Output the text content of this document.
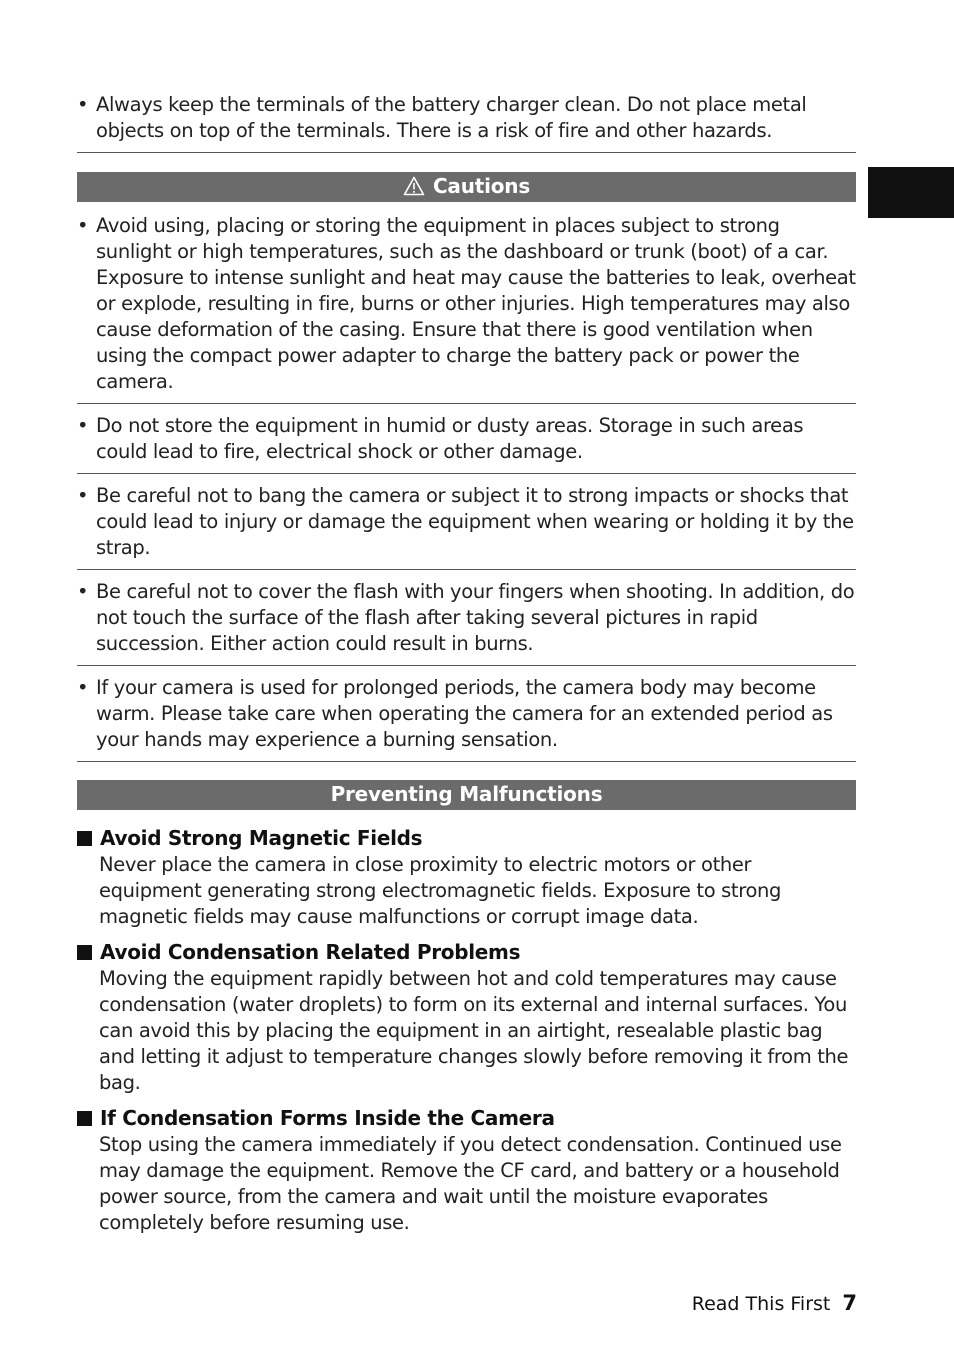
• Always keep the terminals of the battery charger clean. Do not place metal objects on top of the terminals. There is a risk of fire and other hazards.
Cautions
• Avoid using, placing or storing the equipment in places subject to strong sunlight or high temperatures, such as the dashboard or trunk (boot) of a car. Exposure to intense sunlight and heat may cause the batteries to leak, overheat or explode, resulting in fire, burns or other injuries. High temperatures may also cause deformation of the casing. Ensure that there is good ventilation when using the compact power adapter to charge the battery pack or power the camera.
• Do not store the equipment in humid or dusty areas. Storage in such areas could lead to fire, electrical shock or other damage.
• Be careful not to bang the camera or subject it to strong impacts or shocks that could lead to injury or damage the equipment when wearing or holding it by the strap.
• Be careful not to cover the flash with your fingers when shooting. In addition, do not touch the surface of the flash after taking several pictures in rapid succession. Either action could result in burns.
• If your camera is used for prolonged periods, the camera body may become warm. Please take care when operating the camera for an extended period as your hands may experience a burning sensation.
Preventing Malfunctions
Avoid Strong Magnetic Fields
Never place the camera in close proximity to electric motors or other equipment generating strong electromagnetic fields. Exposure to strong magnetic fields may cause malfunctions or corrupt image data.
Avoid Condensation Related Problems
Moving the equipment rapidly between hot and cold temperatures may cause condensation (water droplets) to form on its external and internal surfaces. You can avoid this by placing the equipment in an airtight, resealable plastic bag and letting it adjust to temperature changes slowly before removing it from the bag.
If Condensation Forms Inside the Camera
Stop using the camera immediately if you detect condensation. Continued use may damage the equipment. Remove the CF card, and battery or a household power source, from the camera and wait until the moisture evaporates completely before resuming use.
Read This First 7
